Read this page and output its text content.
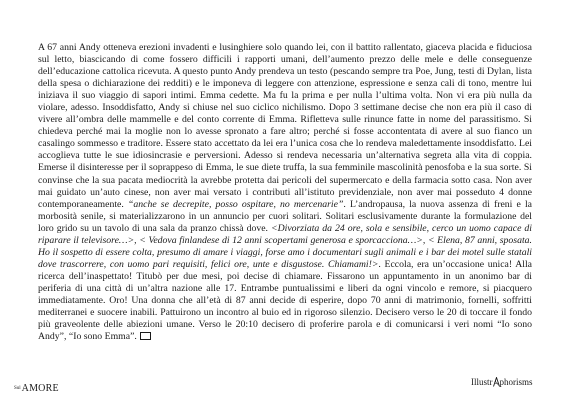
A 67 anni Andy otteneva erezioni invadenti e lusinghiere solo quando lei, con il battito rallentato, giaceva placida e fiduciosa sul letto, biascicando di come fossero difficili i rapporti umani, dell’aumento prezzo delle mele e delle conseguenze dell’educazione cattolica ricevuta. A questo punto Andy prendeva un testo (pescando sempre tra Poe, Jung, testi di Dylan, lista della spesa o dichiarazione dei redditi) e le imponeva di leggere con attenzione, espressione e senza cali di tono, mentre lui iniziava il suo viaggio di sapori intimi. Emma cedette. Ma fu la prima e per nulla l’ultima volta. Non vi era più nulla da violare, adesso. Insoddisfatto, Andy si chiuse nel suo ciclico nichilismo. Dopo 3 settimane decise che non era più il caso di vivere all’ombra delle mammelle e del conto corrente di Emma. Rifletteva sulle rinunce fatte in nome del parassitismo. Si chiedeva perché mai la moglie non lo avesse spronato a fare altro; perché si fosse accontentata di avere al suo fianco un casalingo sommesso e traditore. Essere stato accettato da lei era l’unica cosa che lo rendeva maledettamente insoddisfatto. Lei accoglieva tutte le sue idiosincrasie e perversioni. Adesso si rendeva necessaria un’alternativa segreta alla vita di coppia. Emerse il disinteresse per il soprappeso di Emma, le sue diete truffa, la sua femminile mascolinità penosfoba e la sua sorte. Si convinse che la sua pacata mediocrità la avrebbe protetta dai pericoli del supermercato e della farmacia sotto casa. Non aver mai guidato un’auto cinese, non aver mai versato i contributi all’istituto previdenziale, non aver mai posseduto 4 donne contemporaneamente. “anche se decrepite, posso ospitare, no mercenarie”. L’andropausa, la nuova assenza di freni e la morbosità senile, si materializzarono in un annuncio per cuori solitari. Solitari esclusivamente durante la formulazione del loro grido su un tavolo di una sala da pranzo chissà dove. <Divorziata da 24 ore, sola e sensibile, cerco un uomo capace di riparare il televisore…>, < Vedova finlandese di 12 anni scopertami generosa e sporcacciona…>, < Elena, 87 anni, sposata. Ho il sospetto di essere colta, presumo di amare i viaggi, forse amo i documentari sugli animali e i bar dei motel sulle statali dove trascorrere, con uomo pari requisiti, felici ore, unte e disgustose. Chiamami!>. Eccola, era un’occasione unica! Alla ricerca dell’inaspettato! Titubò per due mesi, poi decise di chiamare. Fissarono un appuntamento in un anonimo bar di periferia di una città di un’altra nazione alle 17. Entrambe puntualissimi e liberi da ogni vincolo e remore, si piacquero immediatamente. Oro! Una donna che all’età di 87 anni decide di esperire, dopo 70 anni di matrimonio, fornelli, soffritti mediterranei e suocere inabili. Pattuirono un incontro al buio ed in rigoroso silenzio. Decisero verso le 20 di toccare il fondo più graveolente delle abiezioni umane. Verso le 20:10 decisero di proferire parola e di comunicarsi i veri nomi “Io sono Andy”, “Io sono Emma”.

SulAMORE
Illustr phorisms
